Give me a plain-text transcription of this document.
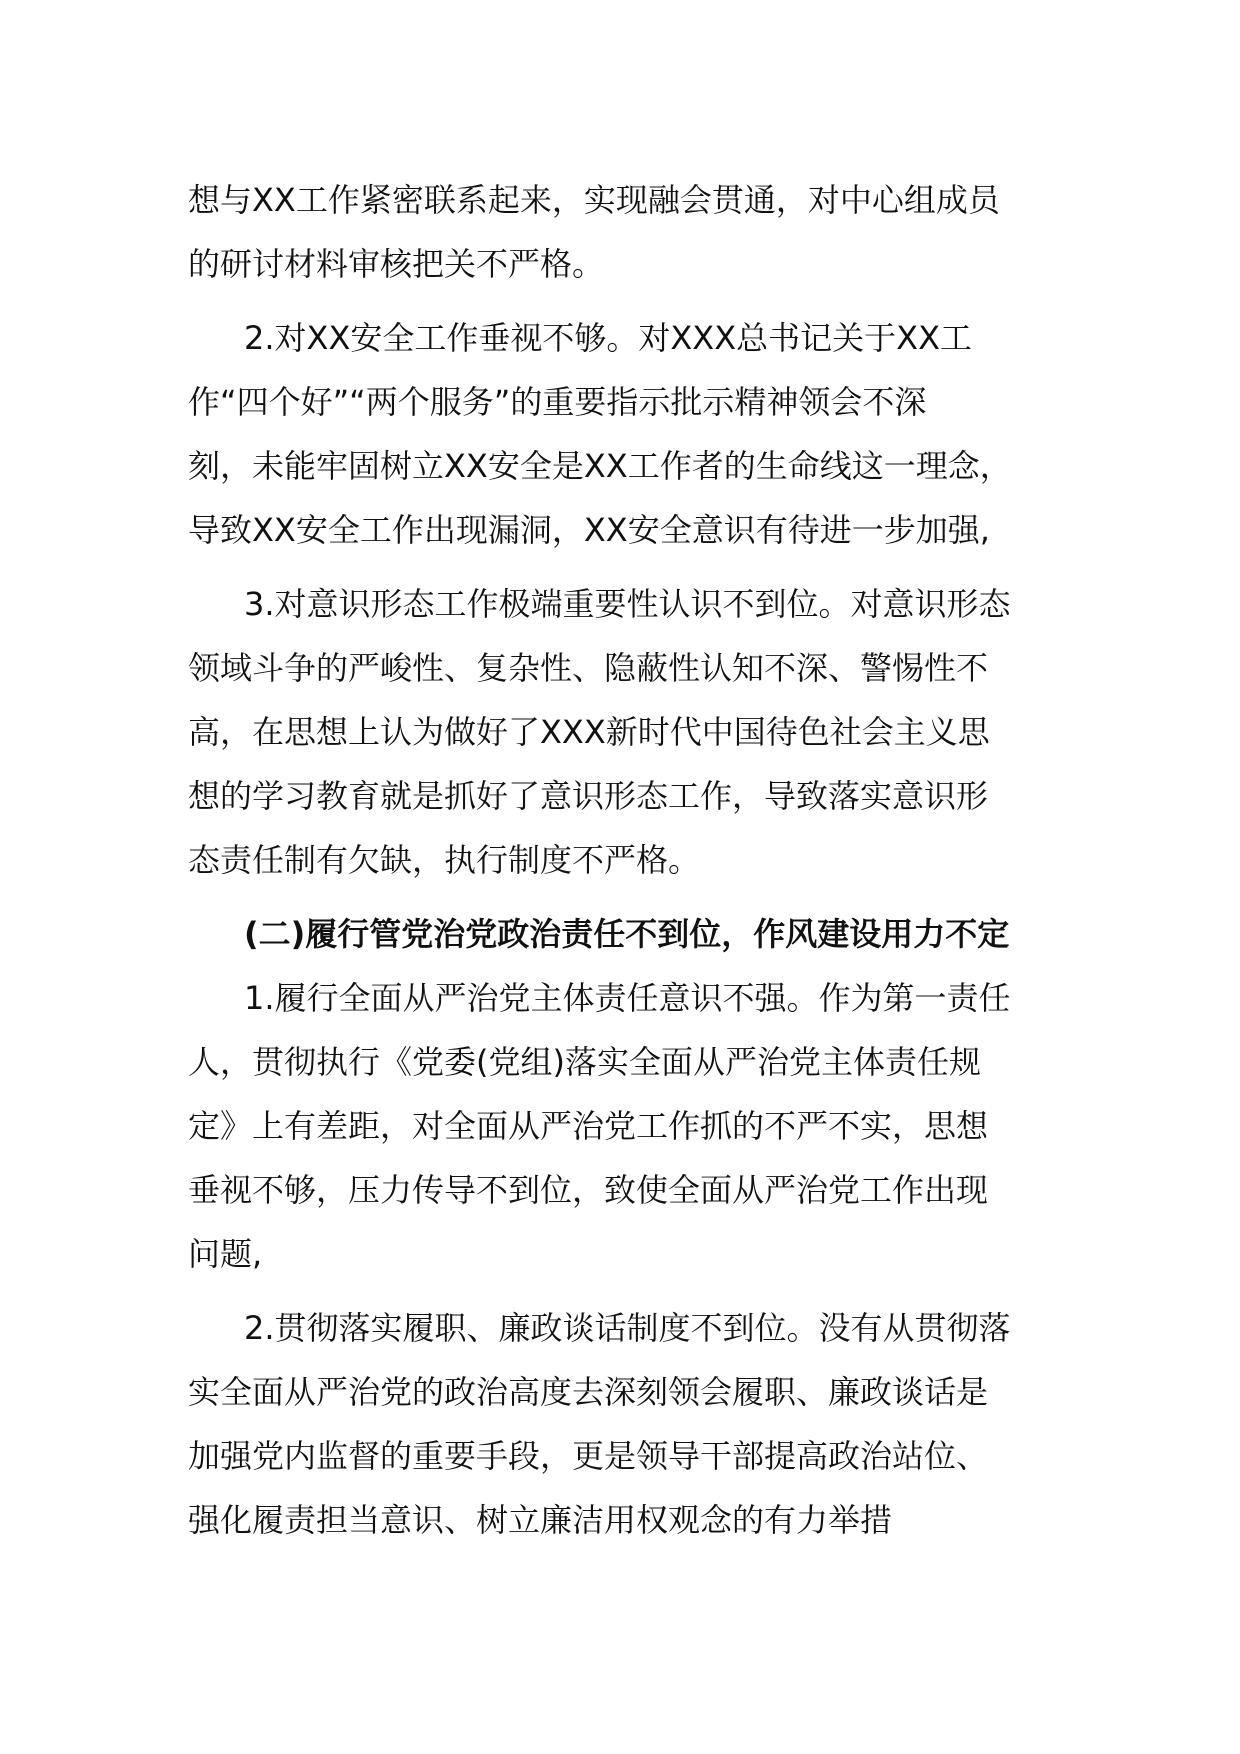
想与XX工作紧密联系起来，实现融会贯通，对中心组成员
的研讨材料审核把关不严格。
2.对XX安全工作垂视不够。对XXX总书记关于XX工
作“四个好”“两个服务”的重要指示批示精神领会不深
刻，未能牢固树立XX安全是XX工作者的生命线这一理念，
导致XX安全工作出现漏洞，XX安全意识有待进一步加强,
3.对意识形态工作极端重要性认识不到位。对意识形态
领域斗争的严峻性、复杂性、隐蔽性认知不深、警惕性不
高，在思想上认为做好了XXX新时代中国待色社会主义思
想的学习教育就是抓好了意识形态工作，导致落实意识形
态责任制有欠缺，执行制度不严格。
(二)履行管党治党政治责任不到位，作风建设用力不定
1.履行全面从严治党主体责任意识不强。作为第一责任
人，贯彻执行《党委(党组)落实全面从严治党主体责任规
定》上有差距，对全面从严治党工作抓的不严不实，思想
垂视不够，压力传导不到位，致使全面从严治党工作出现
问题,
2.贯彻落实履职、廉政谈话制度不到位。没有从贯彻落
实全面从严治党的政治高度去深刻领会履职、廉政谈话是
加强党内监督的重要手段，更是领导干部提高政治站位、
强化履责担当意识、树立廉洁用权观念的有力举措
